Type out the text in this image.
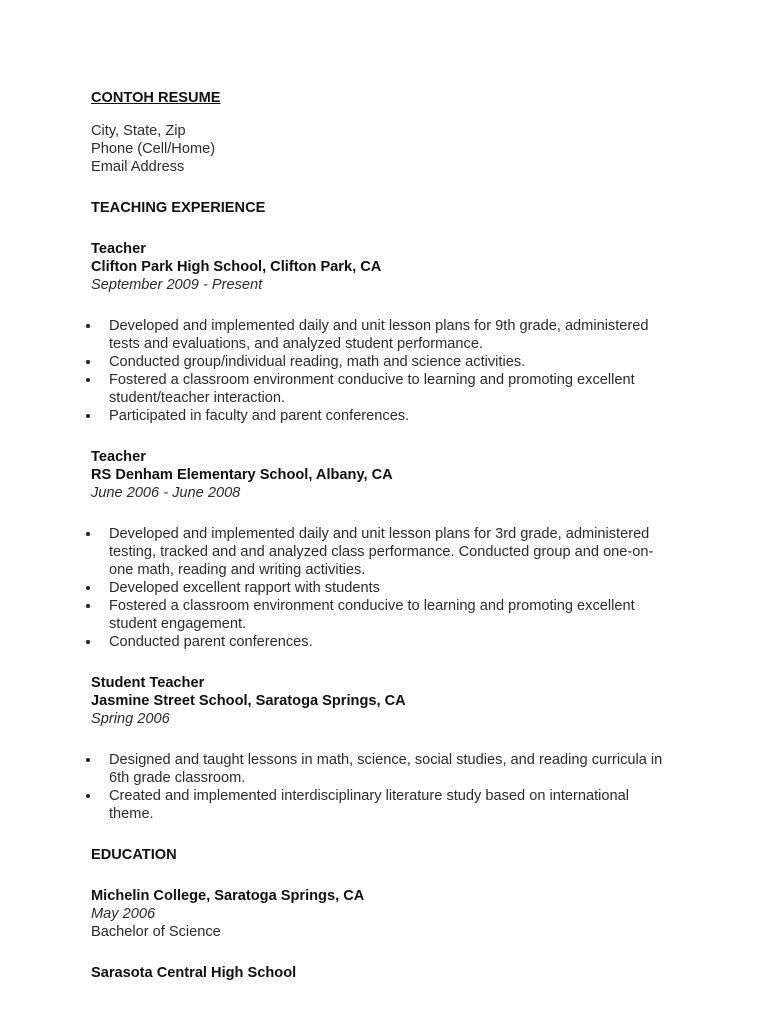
CONTOH RESUME
City, State, Zip
Phone (Cell/Home)
Email Address
TEACHING EXPERIENCE
Teacher
Clifton Park High School, Clifton Park, CA
September 2009 - Present
Developed and implemented daily and unit lesson plans for 9th grade, administered tests and evaluations, and analyzed student performance.
Conducted group/individual reading, math and science activities.
Fostered a classroom environment conducive to learning and promoting excellent student/teacher interaction.
Participated in faculty and parent conferences.
Teacher
RS Denham Elementary School, Albany, CA
June 2006 - June 2008
Developed and implemented daily and unit lesson plans for 3rd grade, administered testing, tracked and and analyzed class performance. Conducted group and one-on-one math, reading and writing activities.
Developed excellent rapport with students
Fostered a classroom environment conducive to learning and promoting excellent student engagement.
Conducted parent conferences.
Student Teacher
Jasmine Street School, Saratoga Springs, CA
Spring 2006
Designed and taught lessons in math, science, social studies, and reading curricula in 6th grade classroom.
Created and implemented interdisciplinary literature study based on international theme.
EDUCATION
Michelin College, Saratoga Springs, CA
May 2006
Bachelor of Science
Sarasota Central High School
